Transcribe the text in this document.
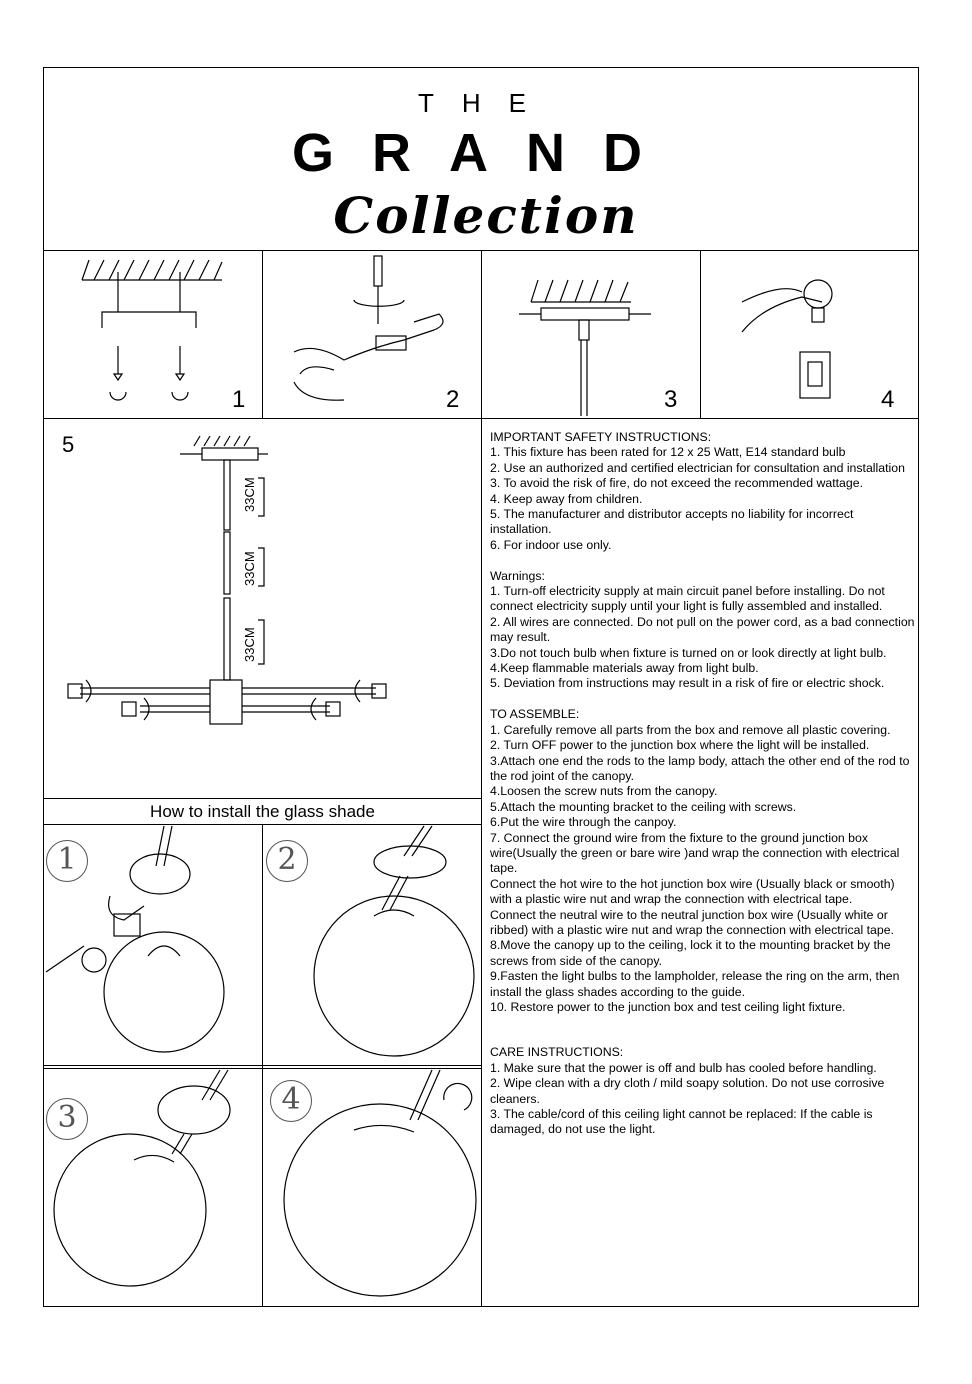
THE
GRAND
Collection
1	2	3	4
5
33CM
33CM
33CM
How to install the glass shade
1	2
3
4

IMPORTANT SAFETY INSTRUCTIONS:

1. This fixture has been rated for 12 x 25 Watt, E14 standard bulb

2. Use an authorized and certified electrician for consultation and installation

3. To avoid the risk of fire, do not exceed the recommended wattage.

4. Keep away from children.

5. The manufacturer and distributor accepts no liability for incorrect installation.

6. For indoor use only.

Warnings:

1. Turn-off electricity supply at main circuit panel before installing. Do not connect electricity supply until your light is fully assembled and installed.

2. All wires are connected. Do not pull on the power cord, as a bad connection may result.

3.Do not touch bulb when fixture is turned on or look directly at light bulb.

4.Keep flammable materials away from light bulb.

5. Deviation from instructions may result in a risk of fire or electric shock.

TO ASSEMBLE:

1. Carefully remove all parts from the box and remove all plastic covering.

2. Turn OFF power to the junction box where the light will be installed.

3.Attach one end the rods to the lamp body, attach the other end of the rod to the rod joint of the canopy.

4.Loosen the screw nuts from the canopy.

5.Attach the mounting bracket to the ceiling with screws.

6.Put the wire through the canpoy.

7. Connect the ground wire from the fixture to the ground junction box wire(Usually the green or bare wire )and wrap the connection with electrical tape.

Connect the hot wire to the hot junction box wire (Usually black or smooth) with a plastic wire nut and wrap the connection with electrical tape.

Connect the neutral wire to the neutral junction box wire (Usually white or ribbed) with a plastic wire nut and wrap the connection with electrical tape.

8.Move the canopy up to the ceiling, lock it to the mounting bracket by the screws from side of the canopy.

9.Fasten the light bulbs to the lampholder, release the ring on the arm, then install the glass shades according to the guide.

10. Restore power to the junction box and test ceiling light fixture.

CARE INSTRUCTIONS:

1. Make sure that the power is off and bulb has cooled before handling.

2. Wipe clean with a dry cloth / mild soapy solution. Do not use corrosive cleaners.

3. The cable/cord of this ceiling light cannot be replaced: If the cable is damaged, do not use the light.
